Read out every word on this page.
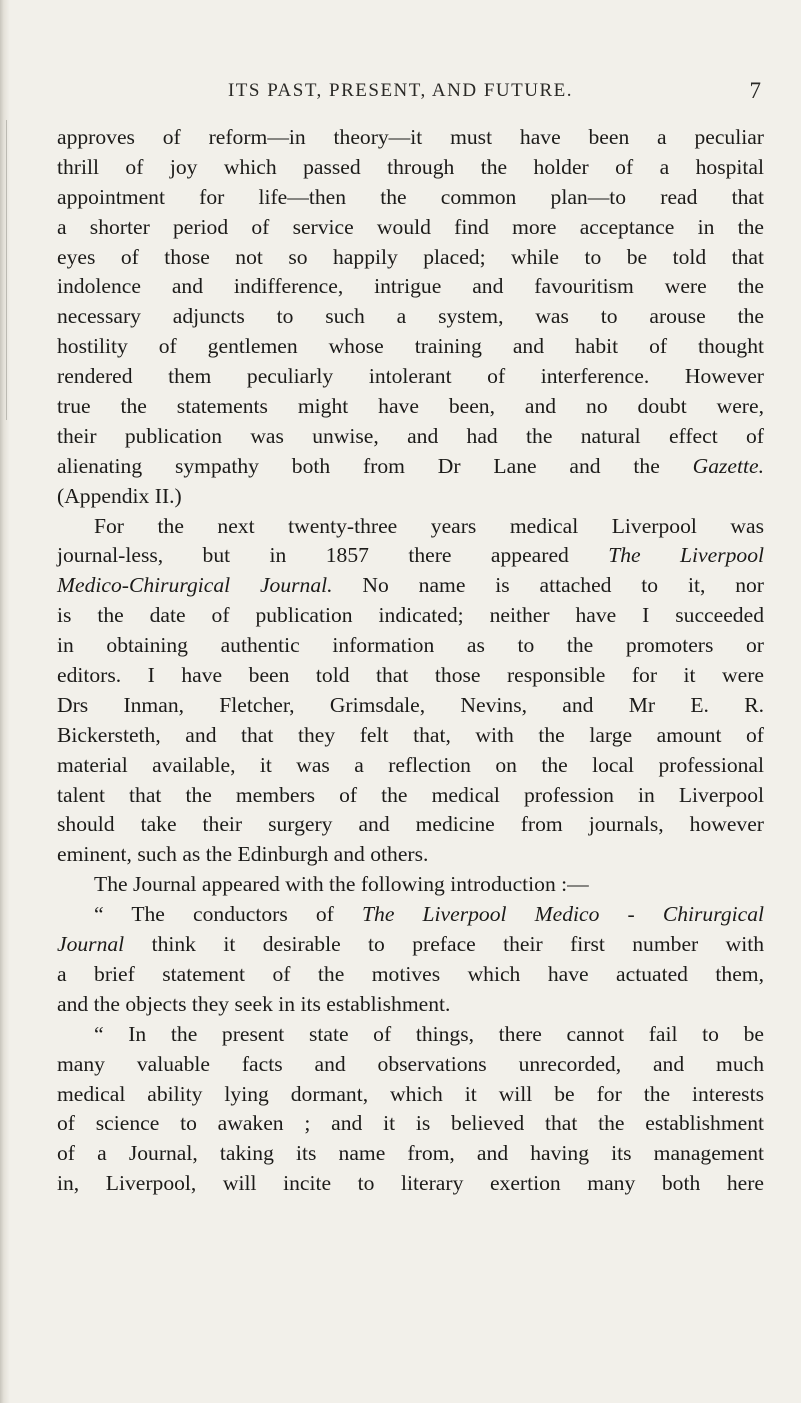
ITS PAST, PRESENT, AND FUTURE.	7
approves of reform—in theory—it must have been a peculiar
thrill of joy which passed through the holder of a hospital
appointment for life—then the common plan—to read that
a shorter period of service would find more acceptance in the
eyes of those not so happily placed; while to be told that
indolence and indifference, intrigue and favouritism were the
necessary adjuncts to such a system, was to arouse the
hostility of gentlemen whose training and habit of thought
rendered them peculiarly intolerant of interference. However
true the statements might have been, and no doubt were,
their publication was unwise, and had the natural effect of
alienating sympathy both from Dr Lane and the Gazette.
(Appendix II.)
For the next twenty-three years medical Liverpool was
journal-less, but in 1857 there appeared The Liverpool
Medico-Chirurgical Journal. No name is attached to it, nor
is the date of publication indicated; neither have I succeeded
in obtaining authentic information as to the promoters or
editors. I have been told that those responsible for it were
Drs Inman, Fletcher, Grimsdale, Nevins, and Mr E. R.
Bickersteth, and that they felt that, with the large amount of
material available, it was a reflection on the local professional
talent that the members of the medical profession in Liverpool
should take their surgery and medicine from journals, however
eminent, such as the Edinburgh and others.
The Journal appeared with the following introduction :—
“ The conductors of The Liverpool Medico - Chirurgical
Journal think it desirable to preface their first number with
a brief statement of the motives which have actuated them,
and the objects they seek in its establishment.
“ In the present state of things, there cannot fail to be
many valuable facts and observations unrecorded, and much
medical ability lying dormant, which it will be for the interests
of science to awaken ; and it is believed that the establishment
of a Journal, taking its name from, and having its management
in, Liverpool, will incite to literary exertion many both here
